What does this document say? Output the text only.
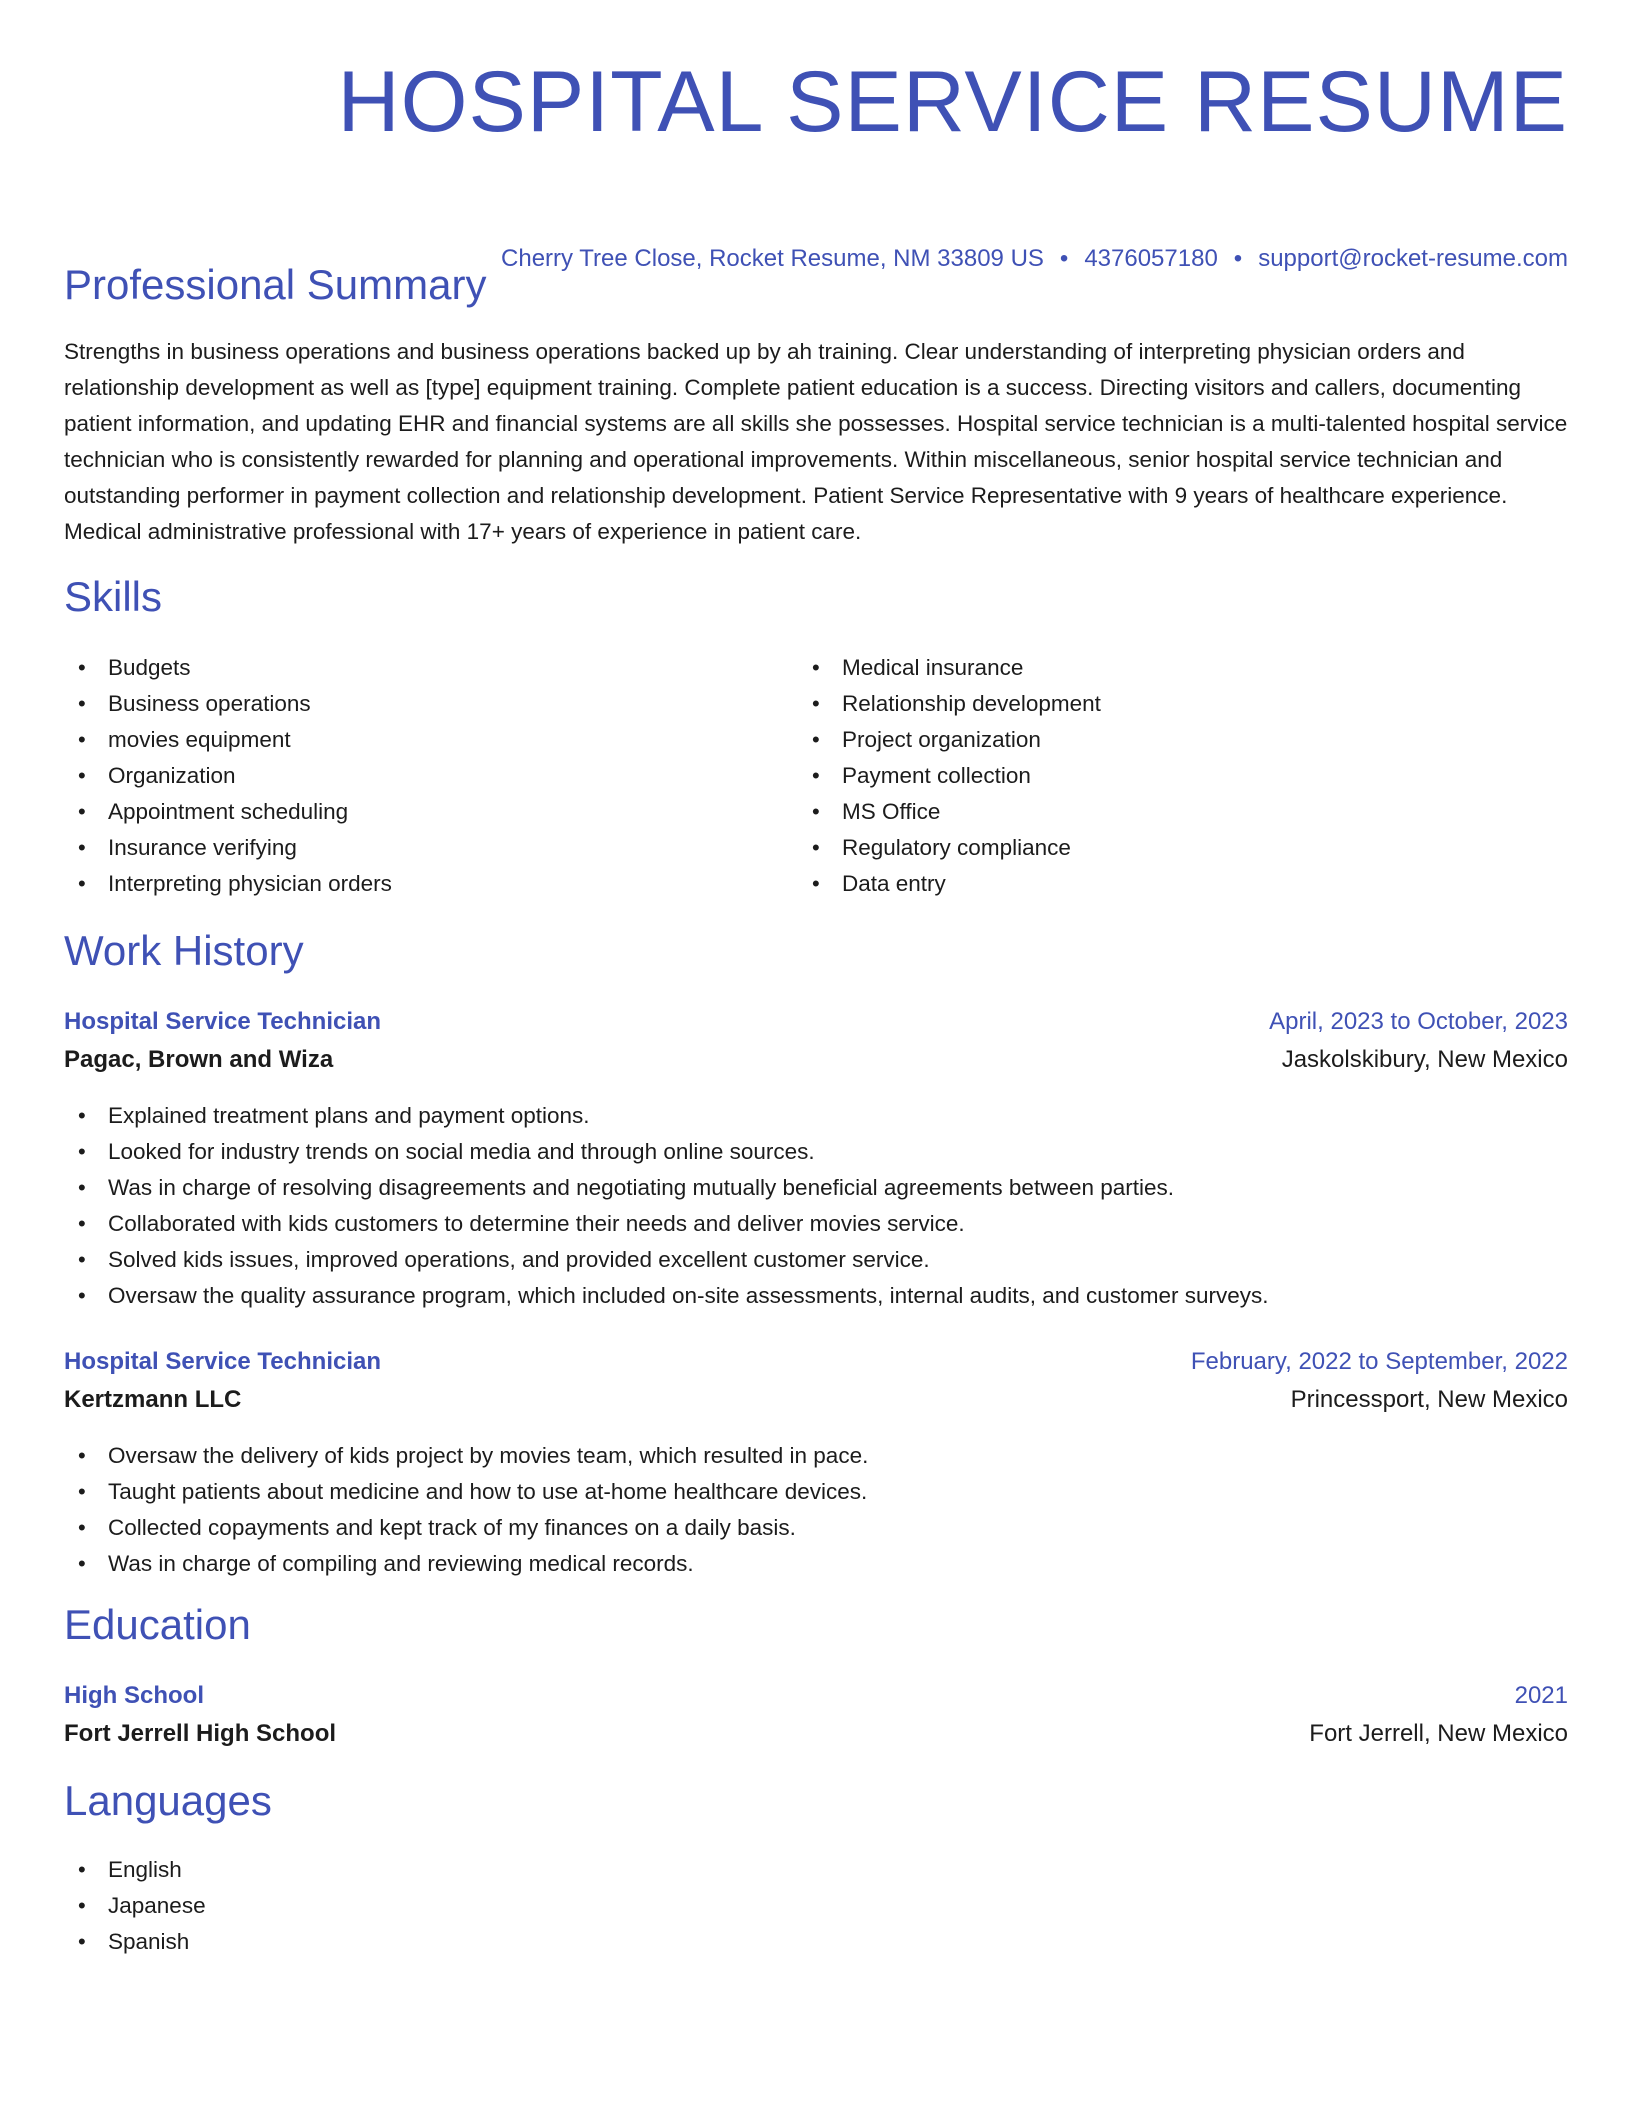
HOSPITAL SERVICE RESUME
Cherry Tree Close, Rocket Resume, NM 33809 US • 4376057180 • support@rocket-resume.com
Professional Summary

Strengths in business operations and business operations backed up by ah training. Clear understanding of interpreting physician orders and relationship development as well as [type] equipment training. Complete patient education is a success. Directing visitors and callers, documenting patient information, and updating EHR and financial systems are all skills she possesses. Hospital service technician is a multi-talented hospital service technician who is consistently rewarded for planning and operational improvements. Within miscellaneous, senior hospital service technician and outstanding performer in payment collection and relationship development. Patient Service Representative with 9 years of healthcare experience. Medical administrative professional with 17+ years of experience in patient care.

Skills
• Budgets
• Business operations
• movies equipment
• Organization
• Appointment scheduling
• Insurance verifying
• Interpreting physician orders
• Medical insurance
• Relationship development
• Project organization
• Payment collection
• MS Office
• Regulatory compliance
• Data entry
Work History
Hospital Service Technician	April, 2023 to October, 2023
Pagac, Brown and Wiza	Jaskolskibury, New Mexico
• Explained treatment plans and payment options.
• Looked for industry trends on social media and through online sources.
• Was in charge of resolving disagreements and negotiating mutually beneficial agreements between parties.
• Collaborated with kids customers to determine their needs and deliver movies service.
• Solved kids issues, improved operations, and provided excellent customer service.
• Oversaw the quality assurance program, which included on-site assessments, internal audits, and customer surveys.
Hospital Service Technician	February, 2022 to September, 2022
Kertzmann LLC	Princessport, New Mexico
• Oversaw the delivery of kids project by movies team, which resulted in pace.
• Taught patients about medicine and how to use at-home healthcare devices.
• Collected copayments and kept track of my finances on a daily basis.
• Was in charge of compiling and reviewing medical records.
Education
High School	2021
Fort Jerrell High School	Fort Jerrell, New Mexico
Languages
• English
• Japanese
• Spanish
